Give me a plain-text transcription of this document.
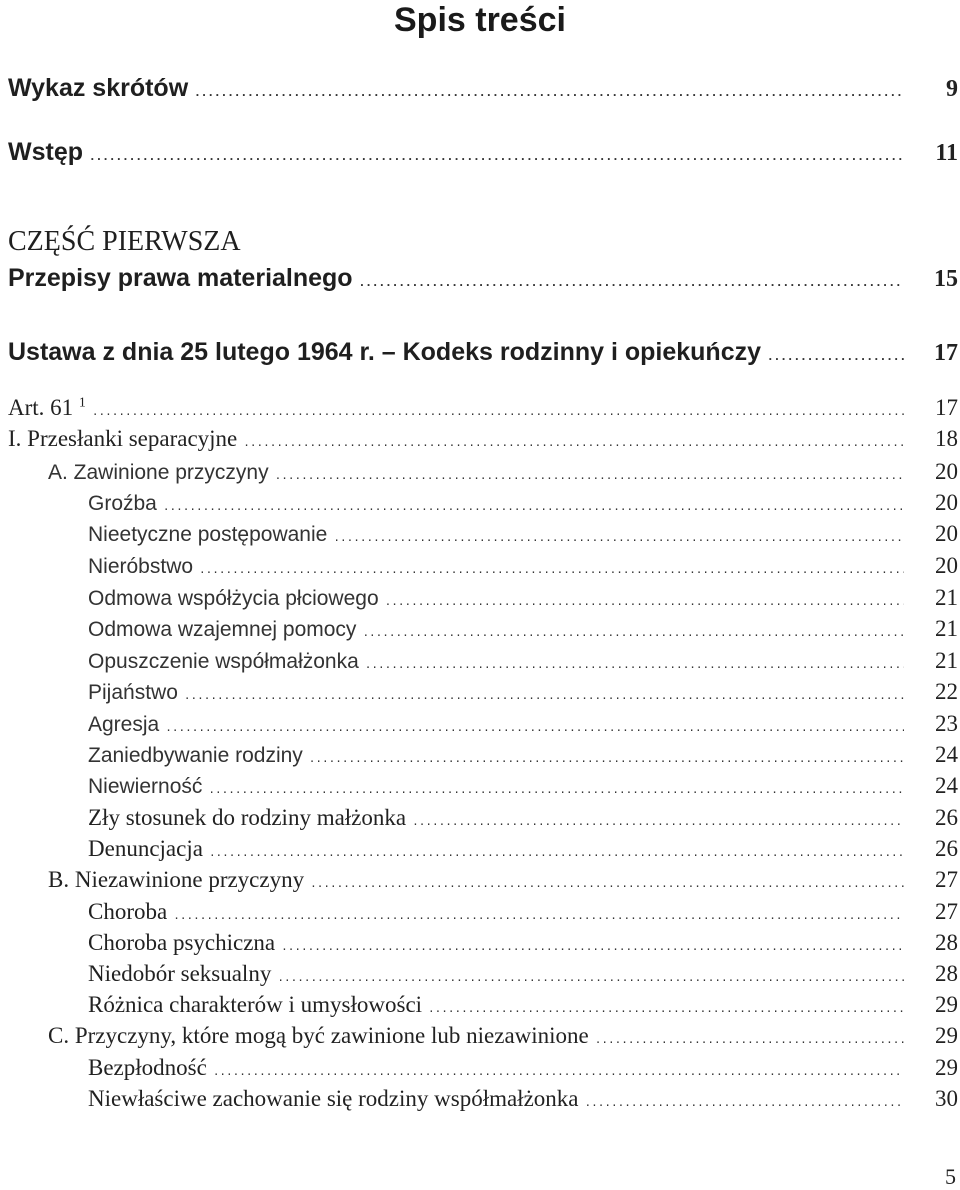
Spis treści
Wykaz skrótów .....	9
Wstęp .....	11
CZĘŚĆ PIERWSZA
Przepisy prawa materialnego .....	15
Ustawa z dnia 25 lutego 1964 r. – Kodeks rodzinny i opiekuńczy .....	17
Art. 61 $^1$ .....	17
I. Przesłanki separacyjne .....	18
A. Zawinione przyczyny .....	20
Groźba .....	20
Nieetyczne postępowanie .....	20
Nieróbstwo .....	20
Odmowa współżycia płciowego .....	21
Odmowa wzajemnej pomocy .....	21
Opuszczenie współmałżonka .....	21
Pijaństwo .....	22
Agresja .....	23
Zaniedbywanie rodziny .....	24
Niewierność .....	24
Zły stosunek do rodziny małżonka .....	26
Denuncjacja .....	26
B. Niezawinione przyczyny .....	27
Choroba .....	27
Choroba psychiczna .....	28
Niedobór seksualny .....	28
Różnica charakterów i umysłowości .....	29
C. Przyczyny, które mogą być zawinione lub niezawinione .....	29
Bezpłodność .....	29
Niewłaściwe zachowanie się rodziny współmałżonka .....	30
5
